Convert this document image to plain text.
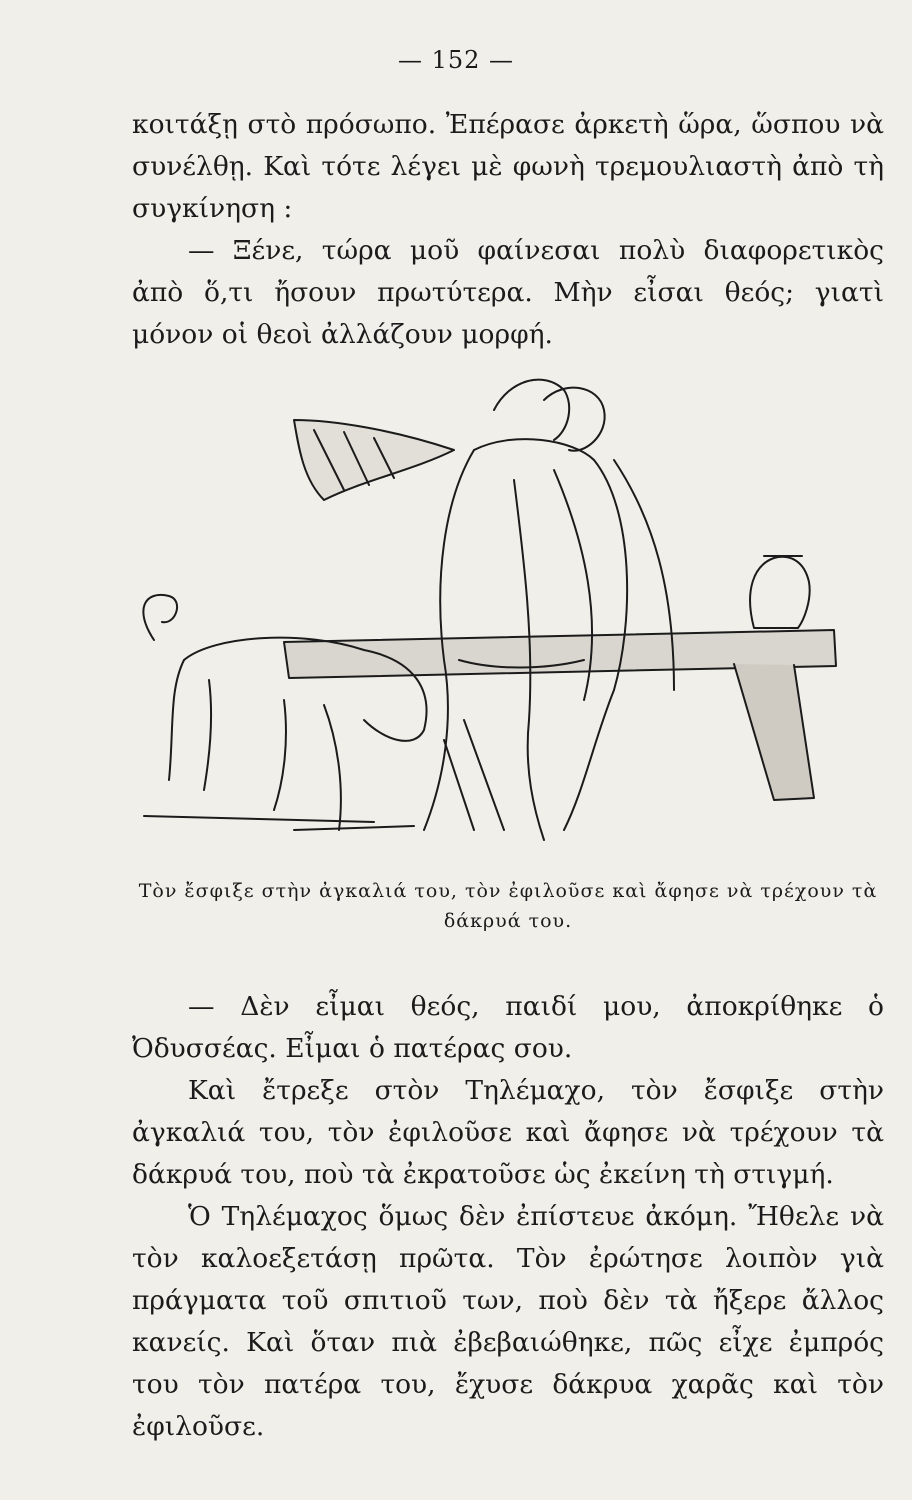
— 152 —

κοιτάξῃ στὸ πρόσωπο. Ἐπέρασε ἀρκετὴ ὥρα, ὥσπου νὰ συνέλθῃ. Καὶ τότε λέγει μὲ φωνὴ τρεμουλιαστὴ ἀπὸ τὴ συγκίνηση :

— Ξένε, τώρα μοῦ φαίνεσαι πολὺ διαφορετικὸς ἀπὸ ὅ,τι ἤσουν πρωτύτερα. Μὴν εἶσαι θεός; γιατὶ μόνον οἱ θεοὶ ἀλλάζουν μορφή.

Τὸν ἔσφιξε στὴν ἀγκαλιά του, τὸν ἐφιλοῦσε καὶ ἄφησε νὰ τρέχουν τὰ δάκρυά του.

— Δὲν εἶμαι θεός, παιδί μου, ἀποκρίθηκε ὁ Ὀδυσσέας. Εἶμαι ὁ πατέρας σου.

Καὶ ἔτρεξε στὸν Τηλέμαχο, τὸν ἔσφιξε στὴν ἀγκαλιά του, τὸν ἐφιλοῦσε καὶ ἄφησε νὰ τρέχουν τὰ δάκρυά του, ποὺ τὰ ἐκρατοῦσε ὡς ἐκείνη τὴ στιγμή.

Ὁ Τηλέμαχος ὅμως δὲν ἐπίστευε ἀκόμη. Ἤθελε νὰ τὸν καλοεξετάσῃ πρῶτα. Τὸν ἐρώτησε λοιπὸν γιὰ πράγματα τοῦ σπιτιοῦ των, ποὺ δὲν τὰ ἤξερε ἄλλος κανείς. Καὶ ὅταν πιὰ ἐβεβαιώθηκε, πῶς εἶχε ἐμπρός του τὸν πατέρα του, ἔχυσε δάκρυα χαρᾶς καὶ τὸν ἐφιλοῦσε.
